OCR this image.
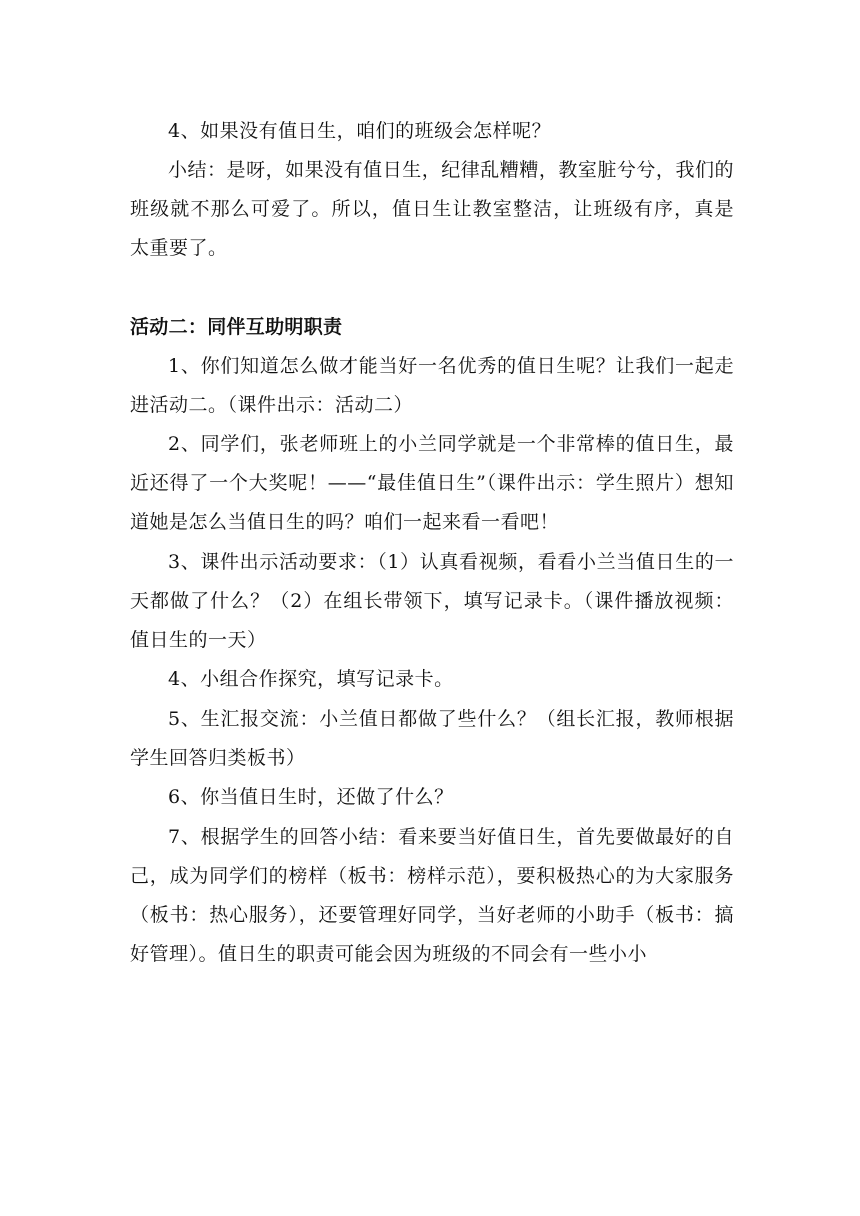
4、如果没有值日生，咱们的班级会怎样呢？

小结：是呀，如果没有值日生，纪律乱糟糟，教室脏兮兮，我们的班级就不那么可爱了。所以，值日生让教室整洁，让班级有序，真是太重要了。

活动二：同伴互助明职责

1、你们知道怎么做才能当好一名优秀的值日生呢？让我们一起走进活动二。（课件出示：活动二）

2、同学们，张老师班上的小兰同学就是一个非常棒的值日生，最近还得了一个大奖呢！——“最佳值日生”（课件出示：学生照片）想知道她是怎么当值日生的吗？咱们一起来看一看吧！

3、课件出示活动要求：（1）认真看视频，看看小兰当值日生的一天都做了什么？（2）在组长带领下，填写记录卡。（课件播放视频：值日生的一天）

4、小组合作探究，填写记录卡。

5、生汇报交流：小兰值日都做了些什么？（组长汇报，教师根据学生回答归类板书）

6、你当值日生时，还做了什么？

7、根据学生的回答小结：看来要当好值日生，首先要做最好的自己，成为同学们的榜样（板书：榜样示范），要积极热心的为大家服务（板书：热心服务），还要管理好同学，当好老师的小助手（板书：搞好管理）。值日生的职责可能会因为班级的不同会有一些小小
